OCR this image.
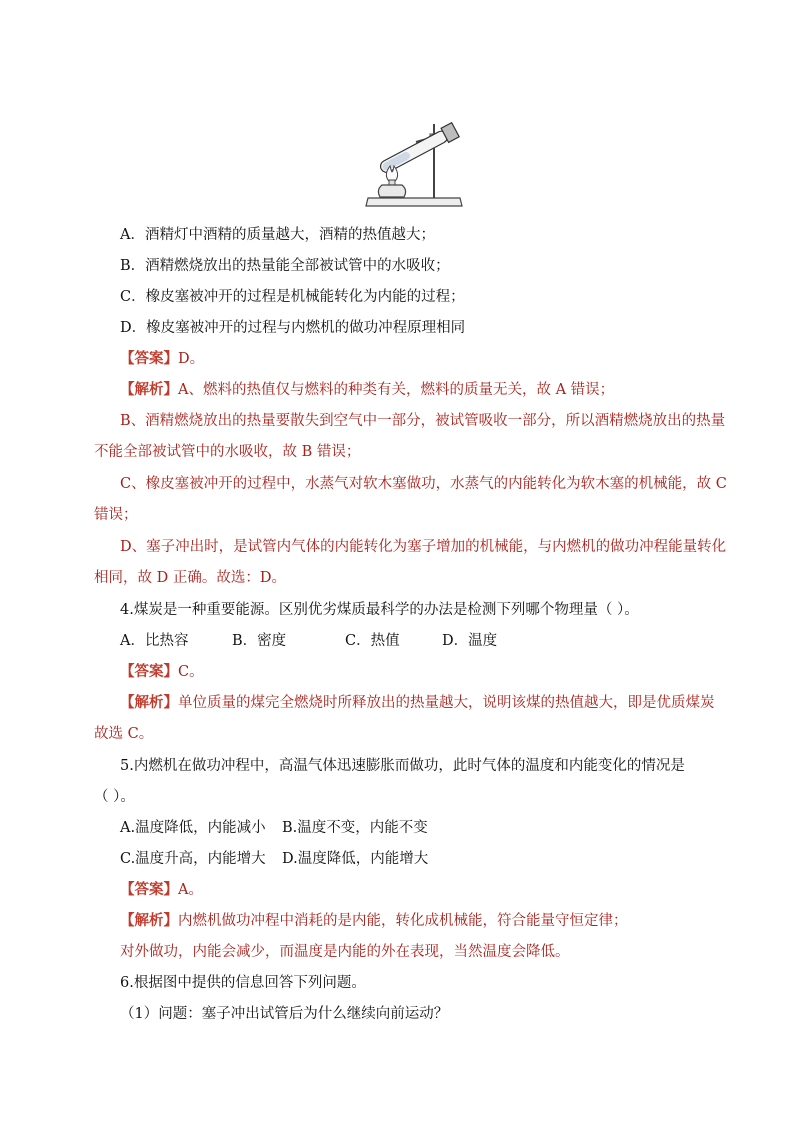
A．酒精灯中酒精的质量越大，酒精的热值越大；
B．酒精燃烧放出的热量能全部被试管中的水吸收；
C．橡皮塞被冲开的过程是机械能转化为内能的过程；
D．橡皮塞被冲开的过程与内燃机的做功冲程原理相同
【答案】D。
【解析】A、燃料的热值仅与燃料的种类有关，燃料的质量无关，故 A 错误；
B、酒精燃烧放出的热量要散失到空气中一部分，被试管吸收一部分，所以酒精燃烧放出的热量
不能全部被试管中的水吸收，故 B 错误；
C、橡皮塞被冲开的过程中，水蒸气对软木塞做功，水蒸气的内能转化为软木塞的机械能，故 C
错误；
D、塞子冲出时，是试管内气体的内能转化为塞子增加的机械能，与内燃机的做功冲程能量转化
相同，故 D 正确。故选：D。
4.煤炭是一种重要能源。区别优劣煤质最科学的办法是检测下列哪个物理量（ ）。
A．比热容	B．密度	C．热值	D．温度
【答案】C。
【解析】单位质量的煤完全燃烧时所释放出的热量越大，说明该煤的热值越大，即是优质煤炭
故选 C。
5.内燃机在做功冲程中，高温气体迅速膨胀而做功，此时气体的温度和内能变化的情况是
（ ）。
A.温度降低，内能减小	B.温度不变，内能不变
C.温度升高，内能增大	D.温度降低，内能增大
【答案】A。
【解析】内燃机做功冲程中消耗的是内能，转化成机械能，符合能量守恒定律；
对外做功，内能会减少，而温度是内能的外在表现，当然温度会降低。
6.根据图中提供的信息回答下列问题。
（1）问题：塞子冲出试管后为什么继续向前运动？
